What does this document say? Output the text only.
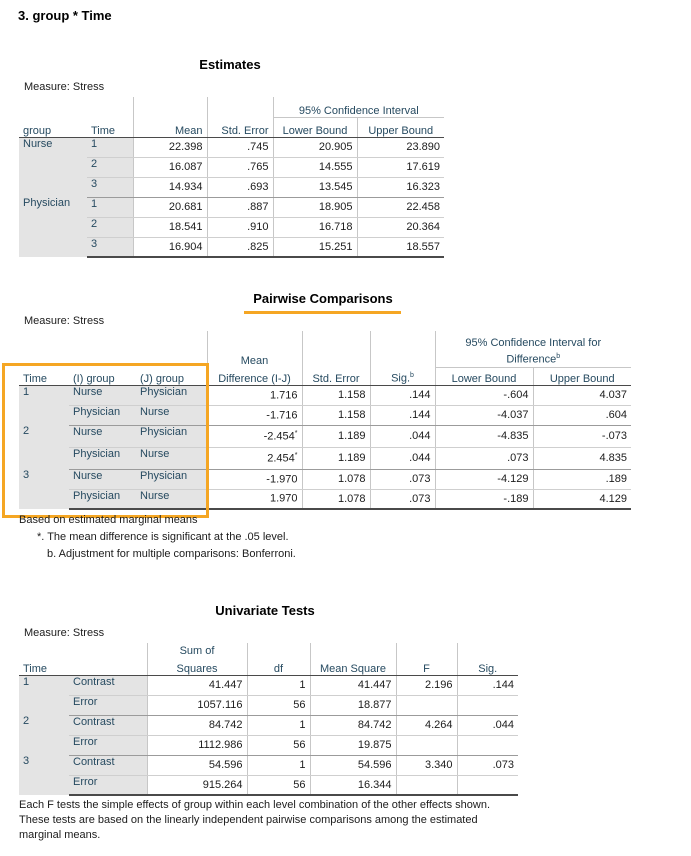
3. group * Time
Estimates
Measure: Stress
				95% Confidence Interval	
group	Time	Mean	Std. Error	Lower Bound	Upper Bound
Nurse	1	22.398	.745	20.905	23.890
	2	16.087	.765	14.555	17.619
	3	14.934	.693	13.545	16.323
Physician	1	20.681	.887	18.905	22.458
	2	18.541	.910	16.718	20.364
	3	16.904	.825	15.251	18.557
Pairwise Comparisons
Measure: Stress
			Mean			95% Confidence Interval for Difference$^b$
Time	(I) group	(J) group	Difference (I-J)	Std. Error	Sig.$^b$	Lower Bound	Upper Bound
1	Nurse	Physician	1.716	1.158	.144	-.604	4.037
	Physician	Nurse	-1.716	1.158	.144	-4.037	.604
2	Nurse	Physician	-2.454*	1.189	.044	-4.835	-.073
	Physician	Nurse	2.454*	1.189	.044	.073	4.835
3	Nurse	Physician	-1.970	1.078	.073	-4.129	.189
	Physician	Nurse	1.970	1.078	.073	-.189	4.129
Based on estimated marginal means
*. The mean difference is significant at the .05 level.
b. Adjustment for multiple comparisons: Bonferroni.
Univariate Tests
Measure: Stress
		Sum of				
Time		Squares	df	Mean Square	F	Sig.
1	Contrast	41.447	1	41.447	2.196	.144
	Error	1057.116	56	18.877		
2	Contrast	84.742	1	84.742	4.264	.044
	Error	1112.986	56	19.875		
3	Contrast	54.596	1	54.596	3.340	.073
	Error	915.264	56	16.344		
Each F tests the simple effects of group within each level combination of the other effects shown. These tests are based on the linearly independent pairwise comparisons among the estimated marginal means.
